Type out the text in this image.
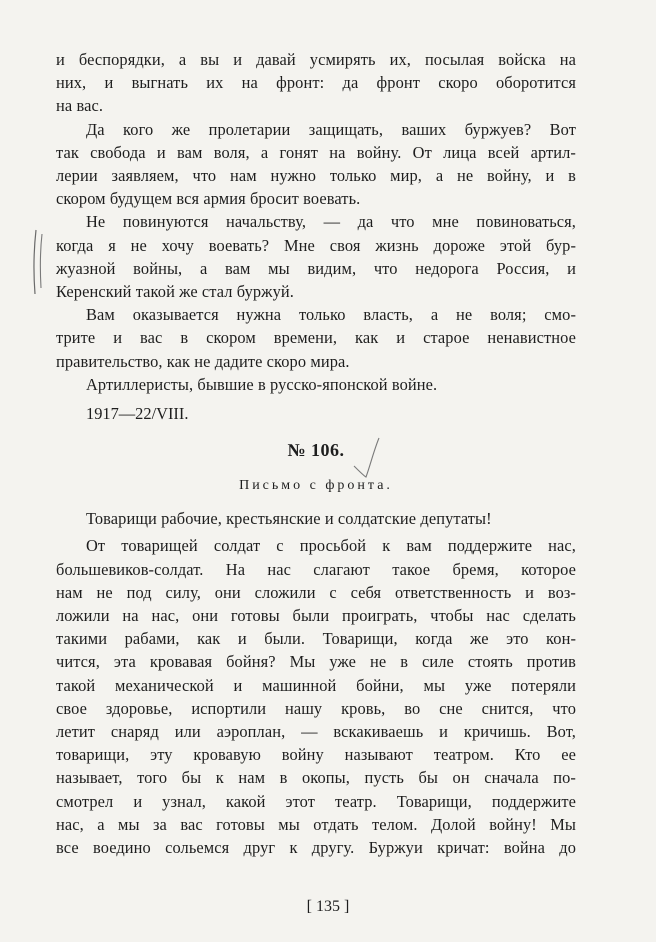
и беспорядки, а вы и давай усмирять их, посылая войска на
них, и выгнать их на фронт: да фронт скоро оборотится
на вас.
Да кого же пролетарии защищать, ваших буржуев? Вот
так свобода и вам воля, а гонят на войну. От лица всей артил-
лерии заявляем, что нам нужно только мир, а не войну, и в
скором будущем вся армия бросит воевать.
Не повинуются начальству, — да что мне повиноваться,
когда я не хочу воевать? Мне своя жизнь дороже этой бур-
жуазной войны, а вам мы видим, что недорога Россия, и
Керенский такой же стал буржуй.
Вам оказывается нужна только власть, а не воля; смо-
трите и вас в скором времени, как и старое ненавистное
правительство, как не дадите скоро мира.
Артиллеристы, бывшие в русско-японской войне.
1917—22/VIII.
№ 106.
Письмо с фронта.
Товарищи рабочие, крестьянские и солдатские депутаты!
От товарищей солдат с просьбой к вам поддержите нас,
большевиков-солдат. На нас слагают такое бремя, которое
нам не под силу, они сложили с себя ответственность и воз-
ложили на нас, они готовы были проиграть, чтобы нас сделать
такими рабами, как и были. Товарищи, когда же это кон-
чится, эта кровавая бойня? Мы уже не в силе стоять против
такой механической и машинной бойни, мы уже потеряли
свое здоровье, испортили нашу кровь, во сне снится, что
летит снаряд или аэроплан, — вскакиваешь и кричишь. Вот,
товарищи, эту кровавую войну называют театром. Кто ее
называет, того бы к нам в окопы, пусть бы он сначала по-
смотрел и узнал, какой этот театр. Товарищи, поддержите
нас, а мы за вас готовы мы отдать телом. Долой войну! Мы
все воедино сольемся друг к другу. Буржуи кричат: война до
[ 135 ]
